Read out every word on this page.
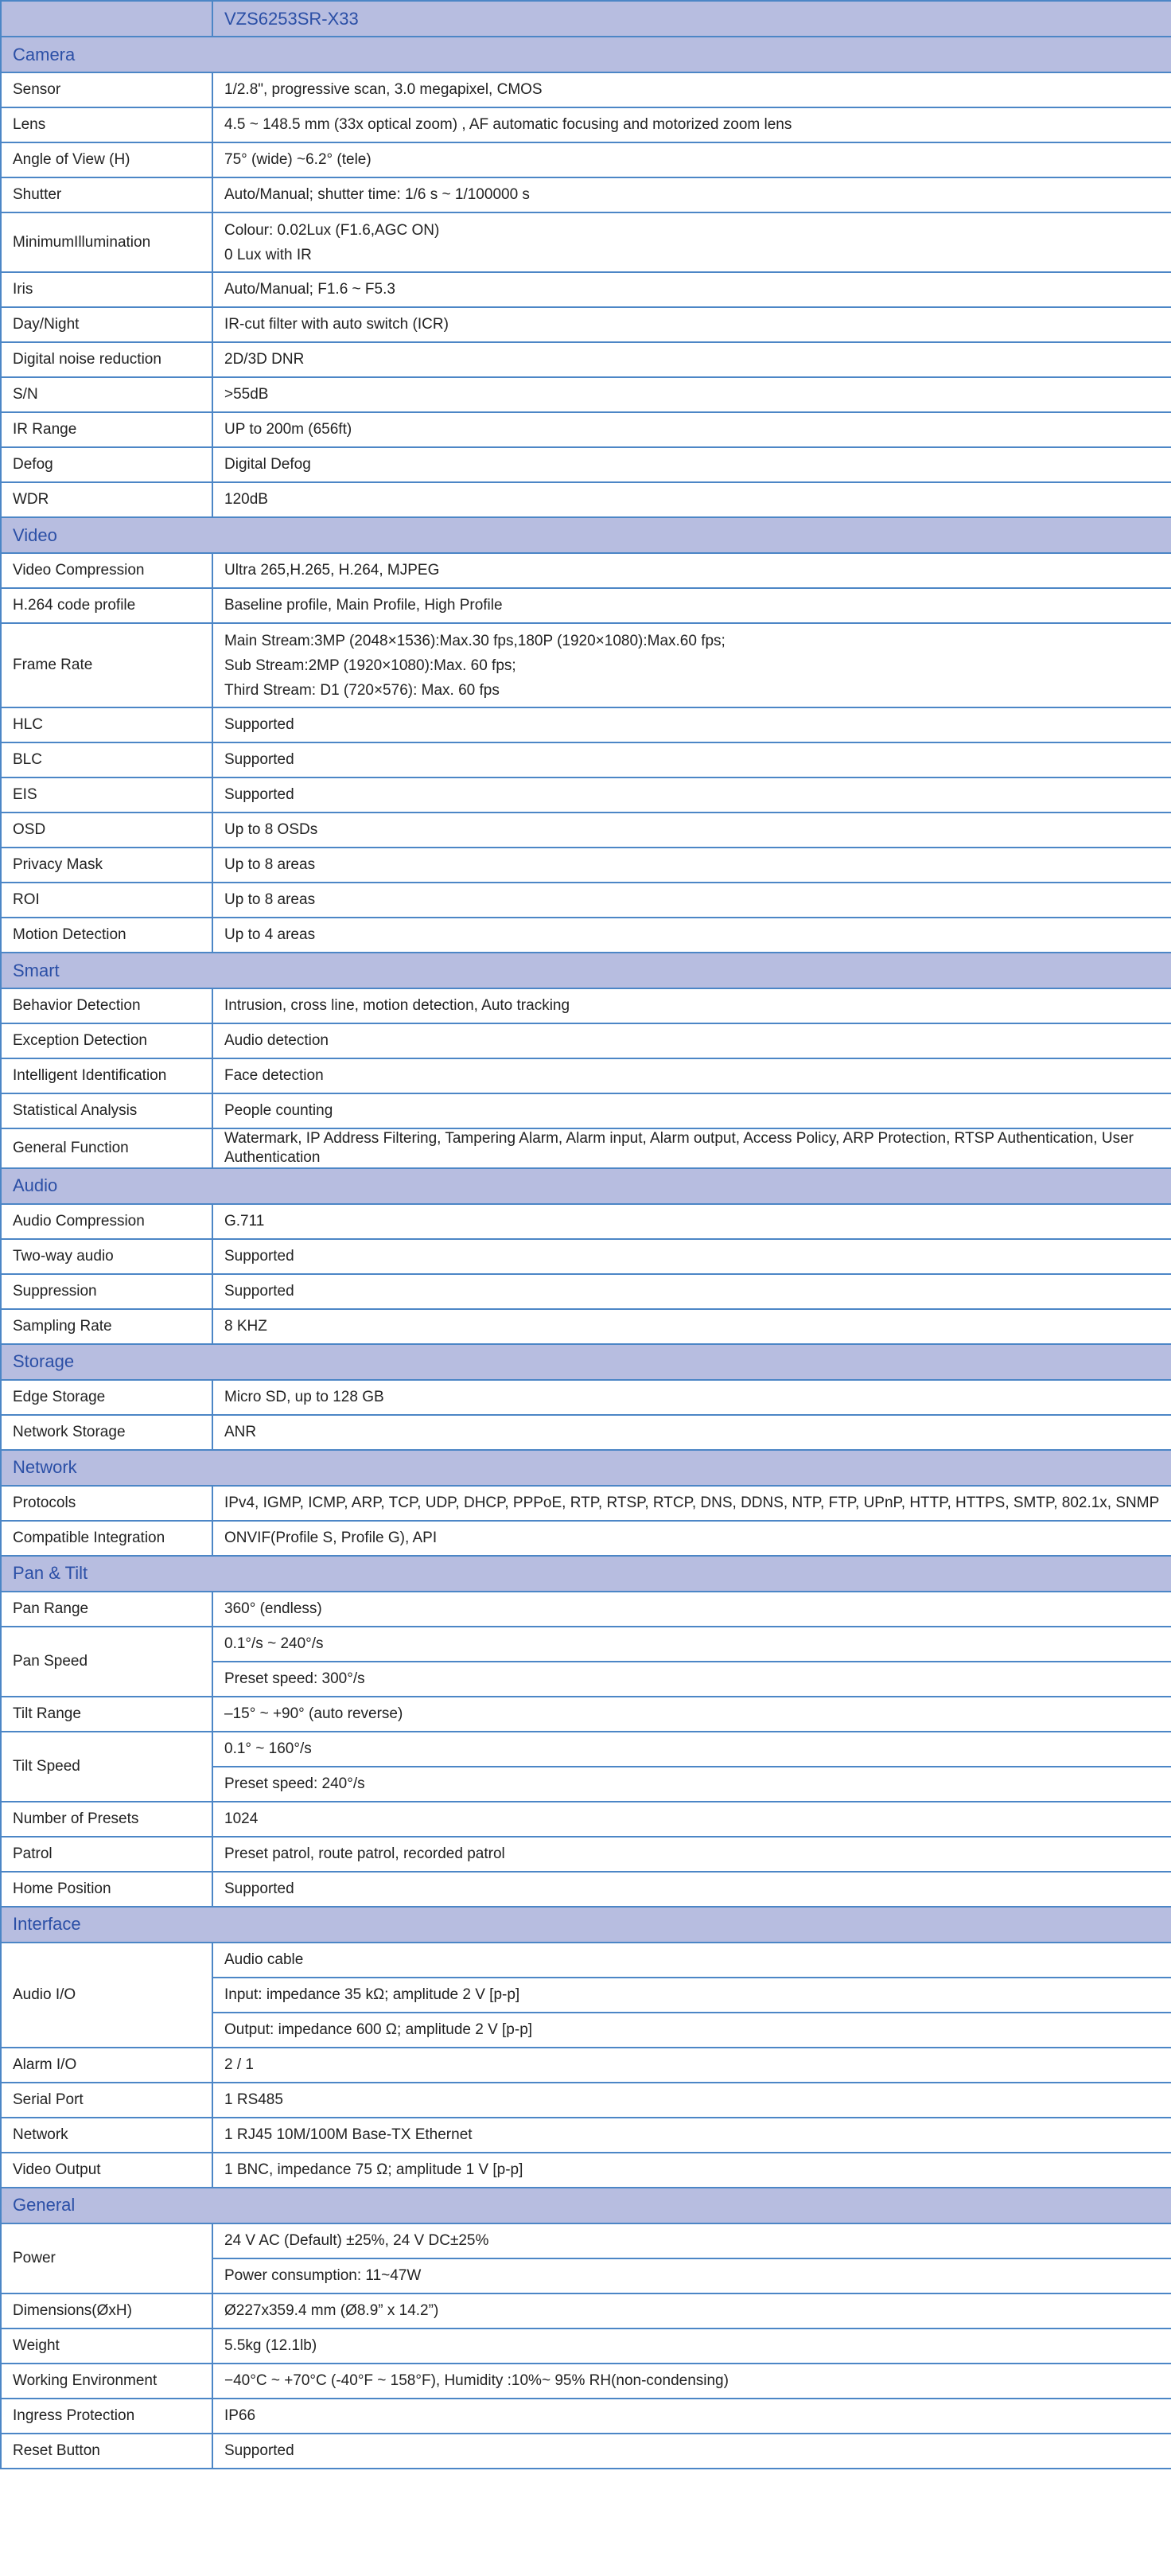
	VZS6253SR-X33
Camera	
Sensor	1/2.8", progressive scan, 3.0 megapixel, CMOS
Lens	4.5 ~ 148.5 mm (33x optical zoom) , AF automatic focusing and motorized zoom lens
Angle of View (H)	75° (wide) ~6.2° (tele)
Shutter	Auto/Manual; shutter time: 1/6 s ~ 1/100000 s
MinimumIllumination	Colour: 0.02Lux (F1.6,AGC ON)
0 Lux with IR
Iris	Auto/Manual; F1.6 ~ F5.3
Day/Night	IR-cut filter with auto switch (ICR)
Digital noise reduction	2D/3D DNR
S/N	>55dB
IR Range	UP to 200m (656ft)
Defog	Digital Defog
WDR	120dB
Video	
Video Compression	Ultra 265,H.265, H.264, MJPEG
H.264 code profile	Baseline profile, Main Profile, High Profile
Frame Rate	Main Stream:3MP (2048×1536):Max.30 fps,180P (1920×1080):Max.60 fps;
Sub Stream:2MP (1920×1080):Max. 60 fps;
Third Stream: D1 (720×576): Max. 60 fps
HLC	Supported
BLC	Supported
EIS	Supported
OSD	Up to 8 OSDs
Privacy Mask	Up to 8 areas
ROI	Up to 8 areas
Motion Detection	Up to 4 areas
Smart	
Behavior Detection	Intrusion, cross line, motion detection, Auto tracking
Exception Detection	Audio detection
Intelligent Identification	Face detection
Statistical Analysis	People counting
General Function	Watermark, IP Address Filtering, Tampering Alarm, Alarm input, Alarm output, Access Policy, ARP Protection, RTSP Authentication, User Authentication
Audio	
Audio Compression	G.711
Two-way audio	Supported
Suppression	Supported
Sampling Rate	8 KHZ
Storage	
Edge Storage	Micro SD, up to 128 GB
Network Storage	ANR
Network	
Protocols	IPv4, IGMP, ICMP, ARP, TCP, UDP, DHCP, PPPoE, RTP, RTSP, RTCP, DNS, DDNS, NTP, FTP, UPnP, HTTP, HTTPS, SMTP, 802.1x, SNMP
Compatible Integration	ONVIF(Profile S, Profile G), API
Pan & Tilt	
Pan Range	360° (endless)
Pan Speed	0.1°/s ~ 240°/s
	Preset speed: 300°/s
Tilt Range	–15° ~ +90° (auto reverse)
Tilt Speed	0.1° ~ 160°/s
	Preset speed: 240°/s
Number of Presets	1024
Patrol	Preset patrol, route patrol, recorded patrol
Home Position	Supported
Interface	
Audio I/O	Audio cable
	Input: impedance 35 kΩ; amplitude 2 V [p-p]
	Output: impedance 600 Ω; amplitude 2 V [p-p]
Alarm I/O	2 / 1
Serial Port	1 RS485
Network	1 RJ45 10M/100M Base-TX Ethernet
Video Output	1 BNC, impedance 75 Ω; amplitude 1 V [p-p]
General	
Power	24 V AC (Default) ±25%, 24 V DC±25%
	Power consumption: 11~47W
Dimensions(ØxH)	Ø227x359.4 mm (Ø8.9” x 14.2”)
Weight	5.5kg (12.1lb)
Working Environment	−40°C ~ +70°C (-40°F ~ 158°F), Humidity :10%~ 95% RH(non-condensing)
Ingress Protection	IP66
Reset Button	Supported
